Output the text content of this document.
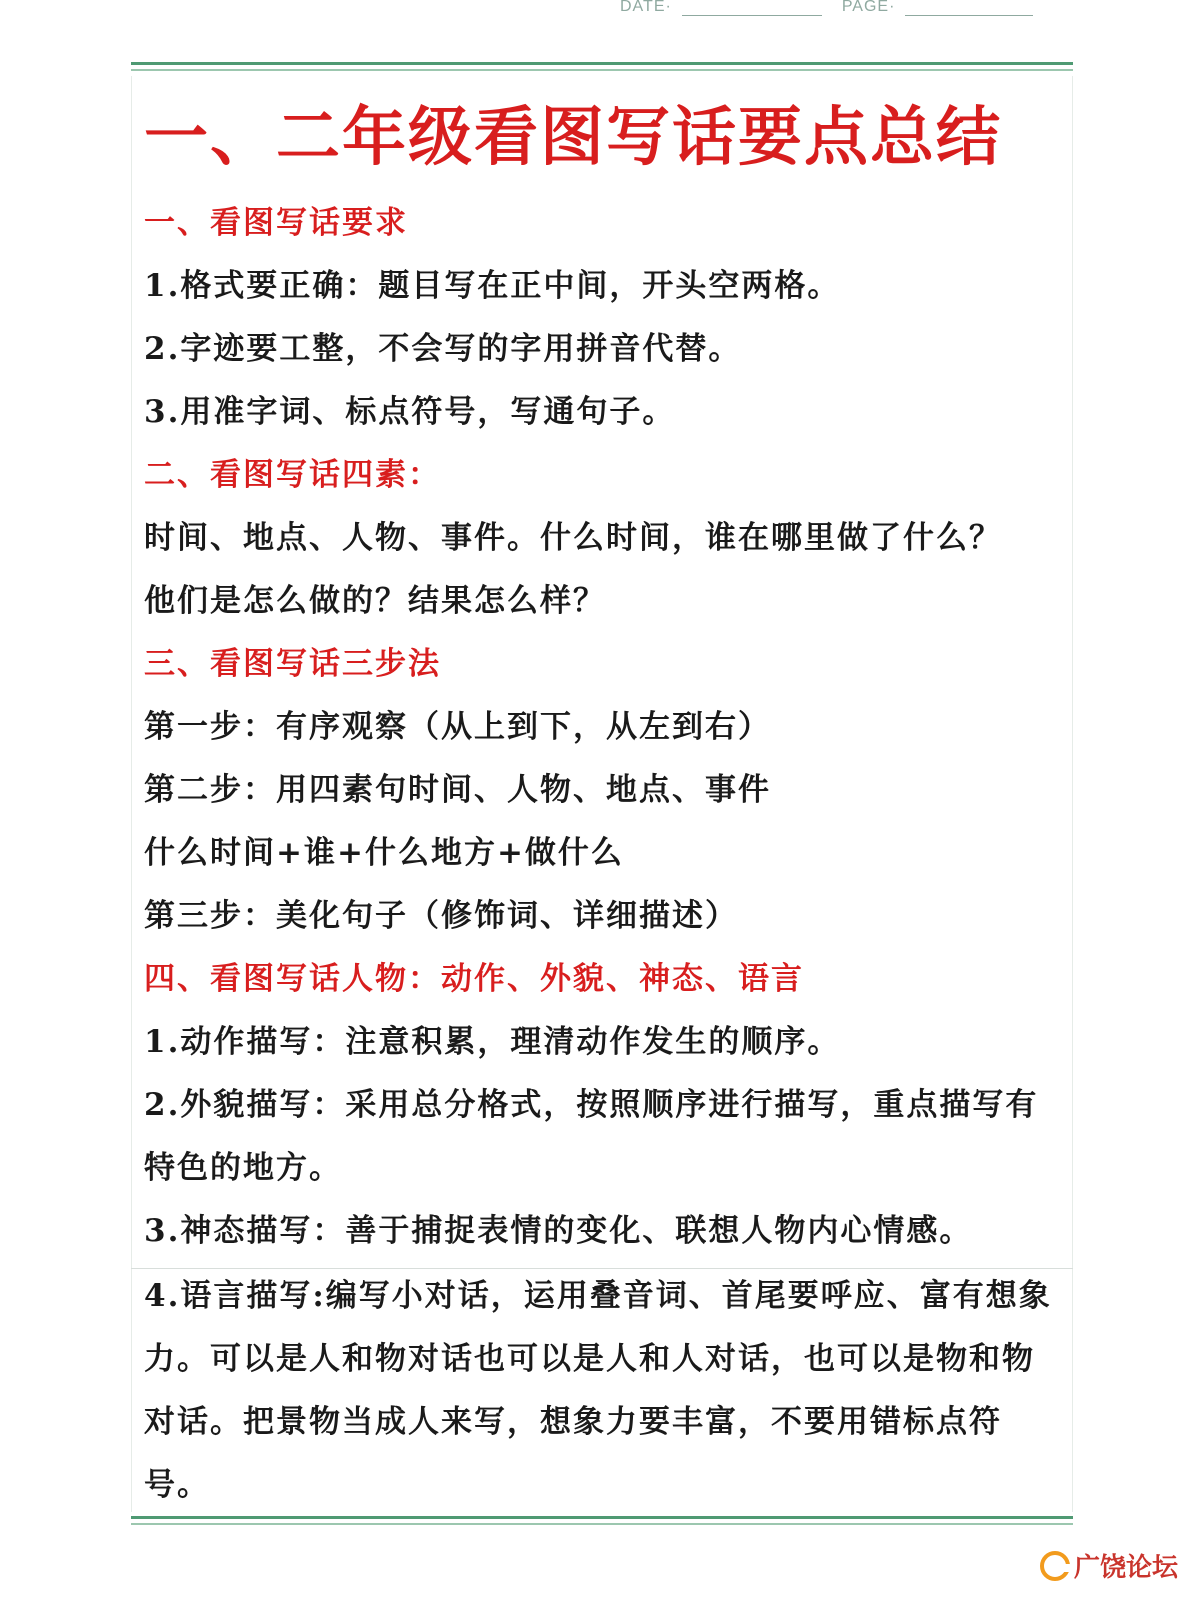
DATE·	PAGE·
一、二年级看图写话要点总结
一、看图写话要求
1.格式要正确：题目写在正中间，开头空两格。
2.字迹要工整，不会写的字用拼音代替。
3.用准字词、标点符号，写通句子。
二、看图写话四素：
时间、地点、人物、事件。什么时间，谁在哪里做了什么？
他们是怎么做的？结果怎么样？
三、看图写话三步法
第一步：有序观察（从上到下，从左到右）
第二步：用四素句时间、人物、地点、事件
什么时间+谁+什么地方+做什么
第三步：美化句子（修饰词、详细描述）
四、看图写话人物：动作、外貌、神态、语言
1.动作描写：注意积累，理清动作发生的顺序。
2.外貌描写：采用总分格式，按照顺序进行描写，重点描写有特色的地方。
3.神态描写：善于捕捉表情的变化、联想人物内心情感。
4.语言描写:编写小对话，运用叠音词、首尾要呼应、富有想象力。可以是人和物对话也可以是人和人对话，也可以是物和物对话。把景物当成人来写，想象力要丰富，不要用错标点符号。
广饶论坛
